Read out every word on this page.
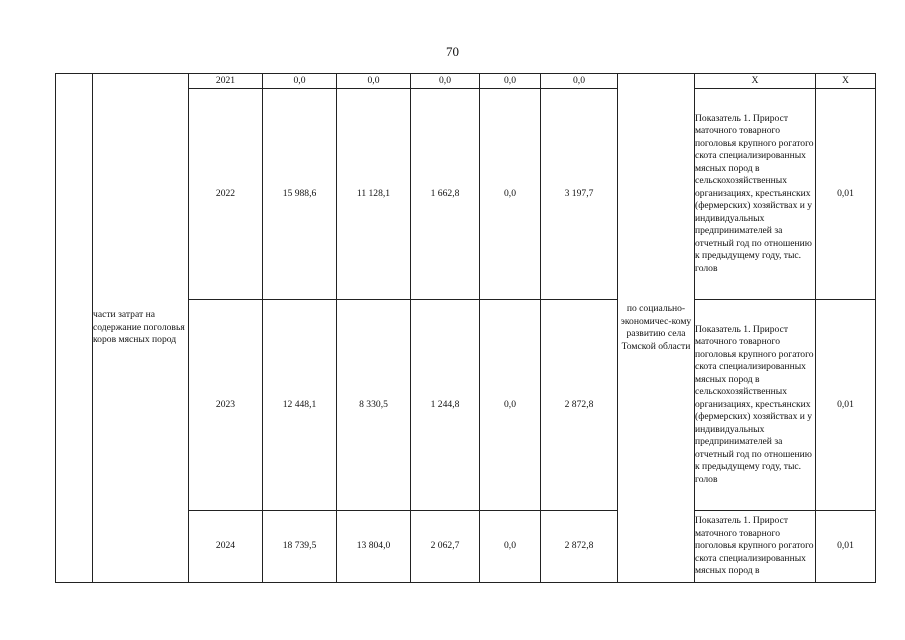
70
	части затрат на содержание поголовья коров мясных пород	2021	0,0	0,0	0,0	0,0	0,0	по социально-экономичес-кому развитию села Томской области	X	X
		2022	15 988,6	11 128,1	1 662,8	0,0	3 197,7		Показатель 1. Прирост маточного товарного поголовья крупного рогатого скота специализированных мясных пород в сельскохозяйственных организациях, крестьянских (фермерских) хозяйствах и у индивидуальных предпринимателей за отчетный год по отношению к предыдущему году, тыс. голов	0,01
		2023	12 448,1	8 330,5	1 244,8	0,0	2 872,8		Показатель 1. Прирост маточного товарного поголовья крупного рогатого скота специализированных мясных пород в сельскохозяйственных организациях, крестьянских (фермерских) хозяйствах и у индивидуальных предпринимателей за отчетный год по отношению к предыдущему году, тыс. голов	0,01
		2024	18 739,5	13 804,0	2 062,7	0,0	2 872,8		Показатель 1. Прирост маточного товарного поголовья крупного рогатого скота специализированных мясных пород в	0,01
